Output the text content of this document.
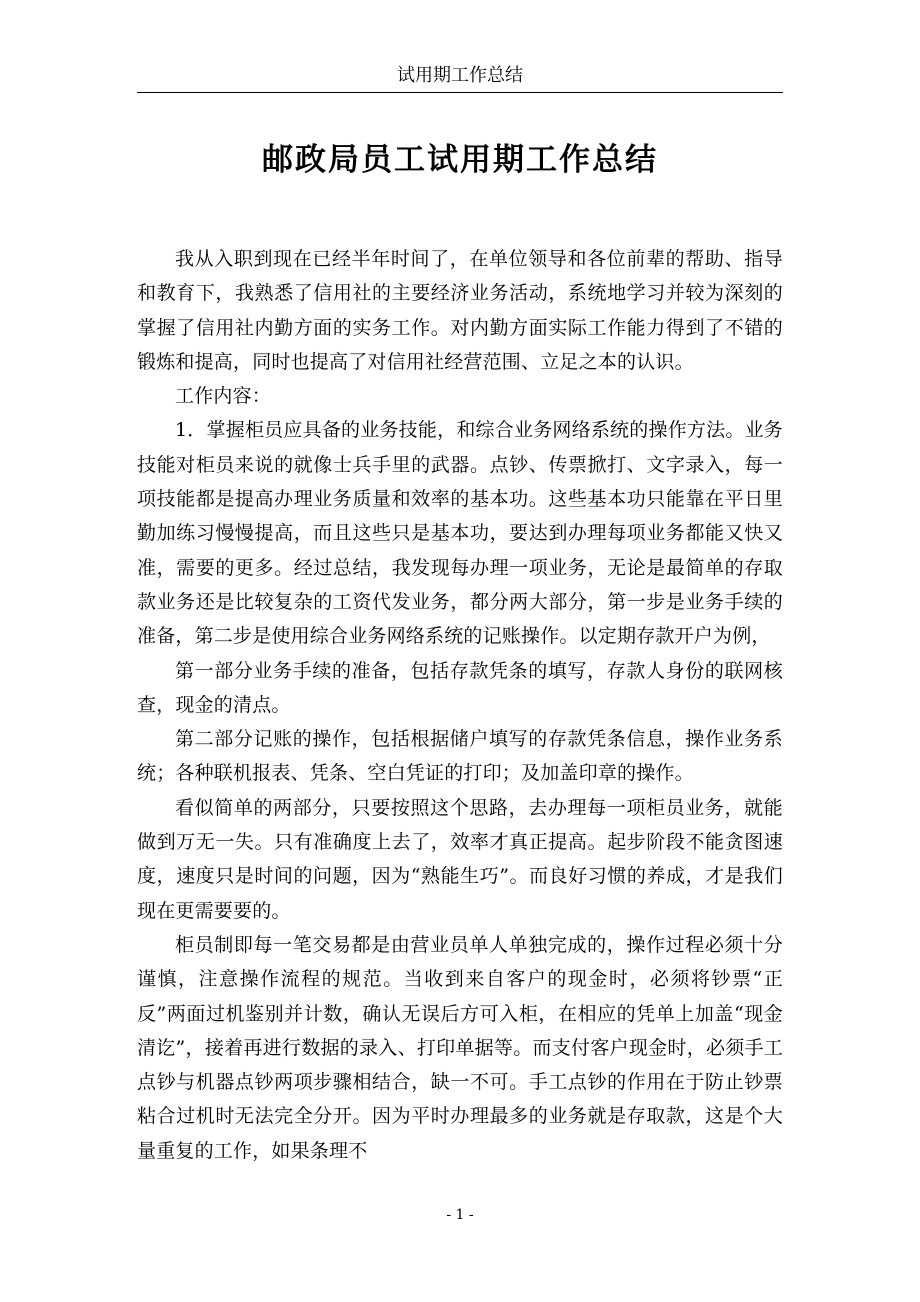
试用期工作总结
邮政局员工试用期工作总结

我从入职到现在已经半年时间了，在单位领导和各位前辈的帮助、指导和教育下，我熟悉了信用社的主要经济业务活动，系统地学习并较为深刻的掌握了信用社内勤方面的实务工作。对内勤方面实际工作能力得到了不错的锻炼和提高，同时也提高了对信用社经营范围、立足之本的认识。

工作内容：

1．掌握柜员应具备的业务技能，和综合业务网络系统的操作方法。业务技能对柜员来说的就像士兵手里的武器。点钞、传票掀打、文字录入，每一项技能都是提高办理业务质量和效率的基本功。这些基本功只能靠在平日里勤加练习慢慢提高，而且这些只是基本功，要达到办理每项业务都能又快又准，需要的更多。经过总结，我发现每办理一项业务，无论是最简单的存取款业务还是比较复杂的工资代发业务，都分两大部分，第一步是业务手续的准备，第二步是使用综合业务网络系统的记账操作。以定期存款开户为例，

第一部分业务手续的准备，包括存款凭条的填写，存款人身份的联网核查，现金的清点。

第二部分记账的操作，包括根据储户填写的存款凭条信息，操作业务系统；各种联机报表、凭条、空白凭证的打印；及加盖印章的操作。

看似简单的两部分，只要按照这个思路，去办理每一项柜员业务，就能做到万无一失。只有准确度上去了，效率才真正提高。起步阶段不能贪图速度，速度只是时间的问题，因为“熟能生巧”。而良好习惯的养成，才是我们现在更需要要的。

柜员制即每一笔交易都是由营业员单人单独完成的，操作过程必须十分谨慎，注意操作流程的规范。当收到来自客户的现金时，必须将钞票“正反”两面过机鉴别并计数，确认无误后方可入柜，在相应的凭单上加盖“现金清讫”，接着再进行数据的录入、打印单据等。而支付客户现金时，必须手工点钞与机器点钞两项步骤相结合，缺一不可。手工点钞的作用在于防止钞票粘合过机时无法完全分开。因为平时办理最多的业务就是存取款，这是个大量重复的工作，如果条理不

- 1 -
